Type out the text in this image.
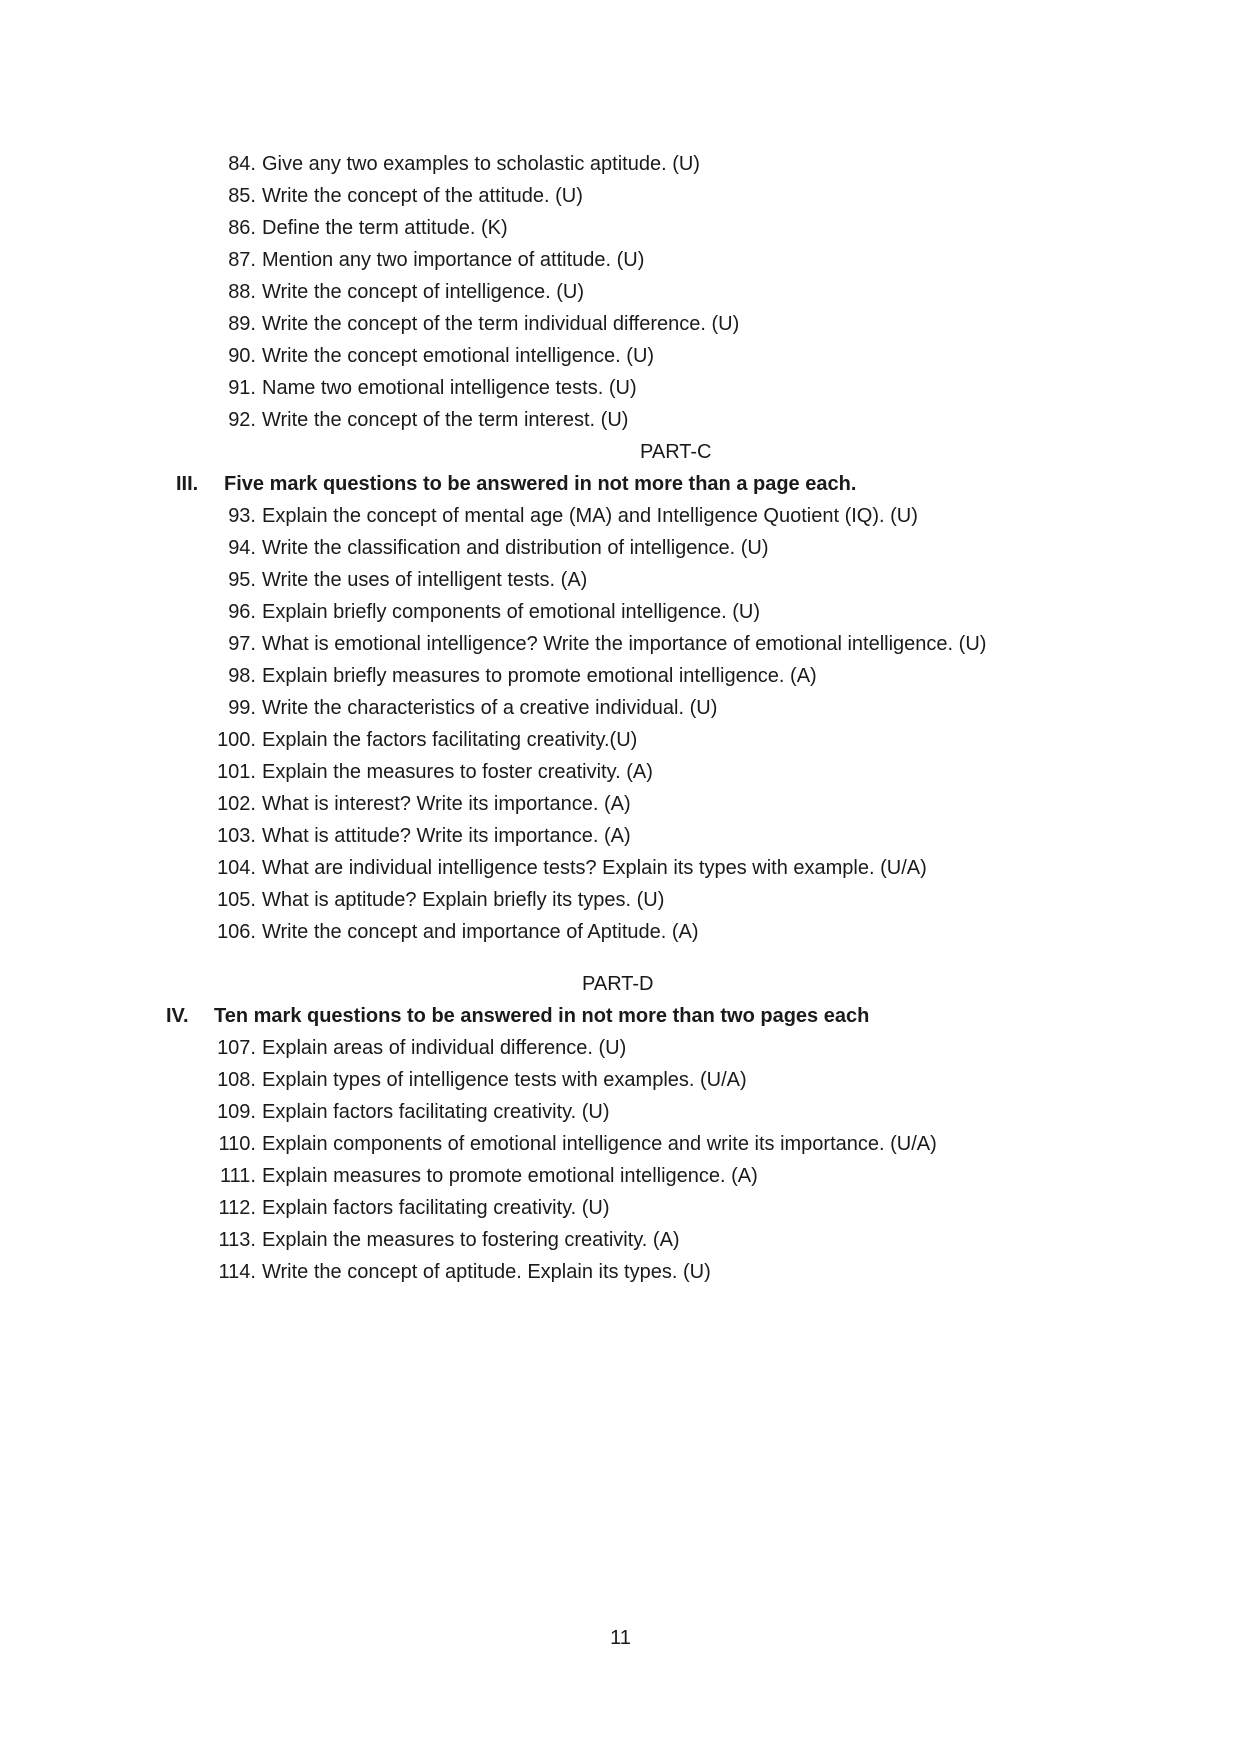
84. Give any two examples to scholastic aptitude. (U)
85. Write the concept of the attitude. (U)
86. Define the term attitude. (K)
87. Mention any two importance of attitude. (U)
88. Write the concept of intelligence. (U)
89. Write the concept of the term individual difference. (U)
90. Write the concept emotional intelligence. (U)
91. Name two emotional intelligence tests. (U)
92. Write the concept of the term interest. (U)
PART-C
III.	Five mark questions to be answered in not more than a page each.
93. Explain the concept of mental age (MA) and Intelligence Quotient (IQ). (U)
94. Write the classification and distribution of intelligence. (U)
95. Write the uses of intelligent tests. (A)
96. Explain briefly components of emotional intelligence. (U)
97. What is emotional intelligence? Write the importance of emotional intelligence. (U)
98. Explain briefly measures to promote emotional intelligence. (A)
99. Write the characteristics of a creative individual. (U)
100. Explain the factors facilitating creativity.(U)
101. Explain the measures to foster creativity. (A)
102. What is interest? Write its importance. (A)
103. What is attitude? Write its importance. (A)
104. What are individual intelligence tests? Explain its types with example. (U/A)
105. What is aptitude? Explain briefly its types. (U)
106. Write the concept and importance of Aptitude. (A)
PART-D
IV.	Ten mark questions to be answered in not more than two pages each
107. Explain areas of individual difference. (U)
108. Explain types of intelligence tests with examples. (U/A)
109. Explain factors facilitating creativity. (U)
110. Explain components of emotional intelligence and write its importance. (U/A)
111. Explain measures to promote emotional intelligence. (A)
112. Explain factors facilitating creativity. (U)
113. Explain the measures to fostering creativity. (A)
114. Write the concept of aptitude. Explain its types. (U)
11
